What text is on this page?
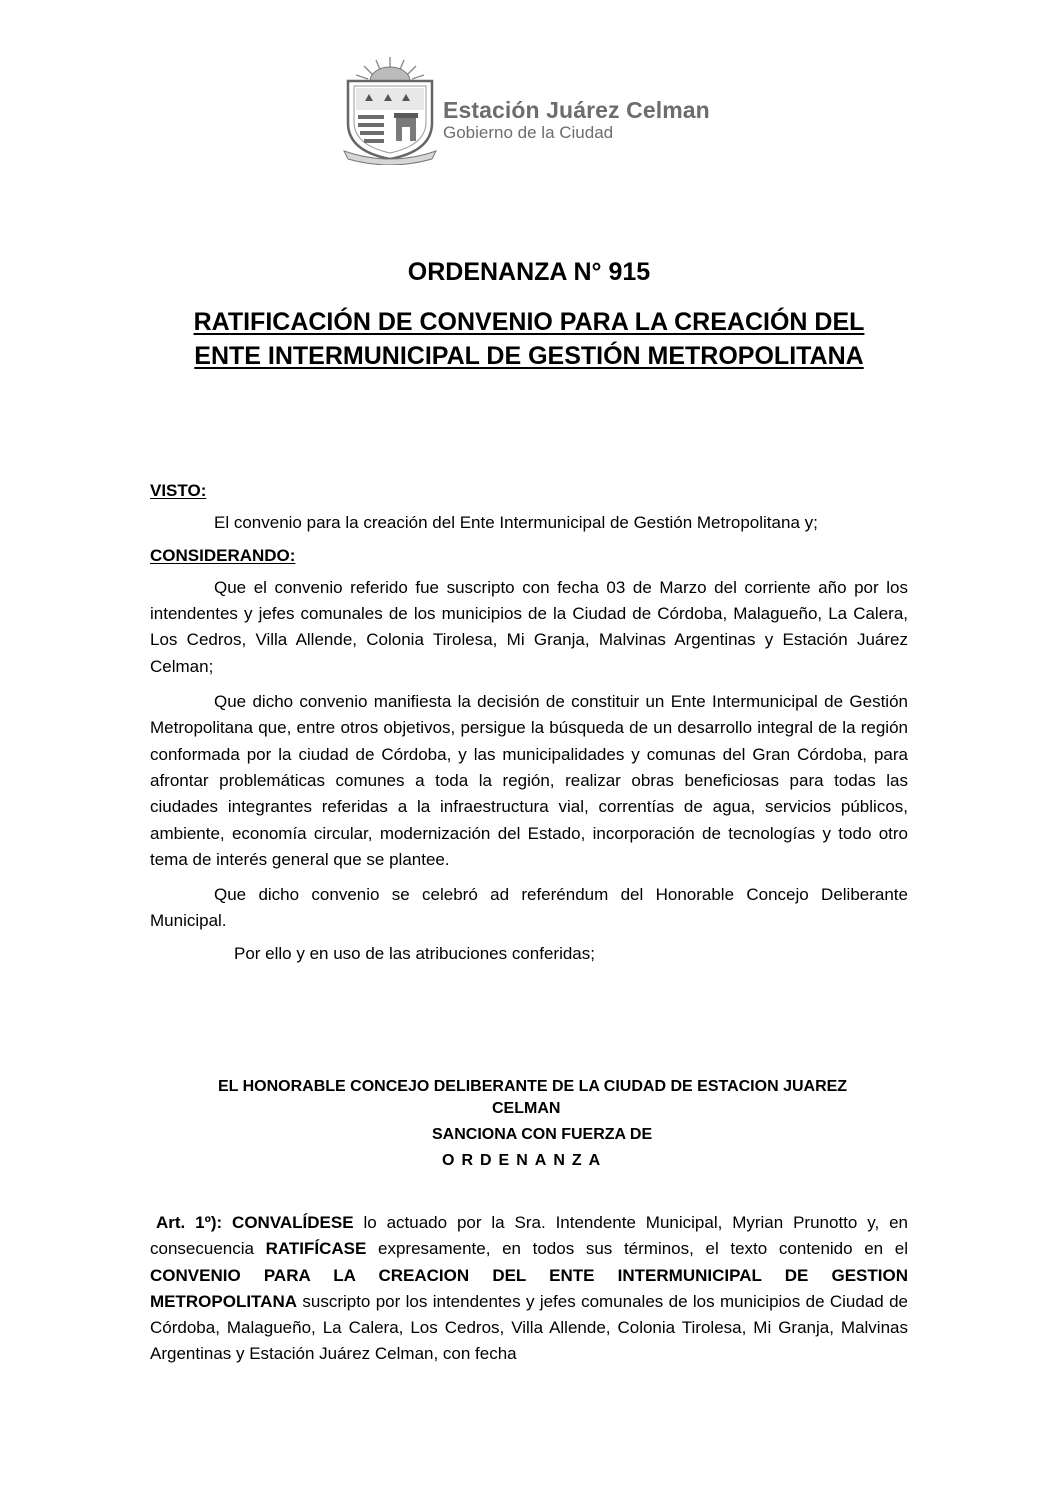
Estación Juárez Celman
Gobierno de la Ciudad
ORDENANZA N° 915
RATIFICACIÓN DE CONVENIO PARA LA CREACIÓN DEL
ENTE INTERMUNICIPAL DE GESTIÓN METROPOLITANA

VISTO:

El convenio para la creación del Ente Intermunicipal de Gestión Metropolitana y;

CONSIDERANDO:

Que el convenio referido fue suscripto con fecha 03 de Marzo del corriente año por los intendentes y jefes comunales de los municipios de la Ciudad de Córdoba, Malagueño, La Calera, Los Cedros, Villa Allende, Colonia Tirolesa, Mi Granja, Malvinas Argentinas y Estación Juárez Celman;

Que dicho convenio manifiesta la decisión de constituir un Ente Intermunicipal de Gestión Metropolitana que, entre otros objetivos, persigue la búsqueda de un desarrollo integral de la región conformada por la ciudad de Córdoba, y las municipalidades y comunas del Gran Córdoba, para afrontar problemáticas comunes a toda la región, realizar obras beneficiosas para todas las ciudades integrantes referidas a la infraestructura vial, correntías de agua, servicios públicos, ambiente, economía circular, modernización del Estado, incorporación de tecnologías y todo otro tema de interés general que se plantee.

Que dicho convenio se celebró ad referéndum del Honorable Concejo Deliberante Municipal.

Por ello y en uso de las atribuciones conferidas;

EL HONORABLE CONCEJO DELIBERANTE DE LA CIUDAD DE ESTACION JUAREZ
CELMAN
SANCIONA CON FUERZA DE
ORDENANZA
Art. 1º): CONVALÍDESE lo actuado por la Sra. Intendente Municipal, Myrian Prunotto y, en consecuencia RATIFÍCASE expresamente, en todos sus términos, el texto contenido en el CONVENIO PARA LA CREACION DEL ENTE INTERMUNICIPAL DE GESTION METROPOLITANA suscripto por los intendentes y jefes comunales de los municipios de Ciudad de Córdoba, Malagueño, La Calera, Los Cedros, Villa Allende, Colonia Tirolesa, Mi Granja, Malvinas Argentinas y Estación Juárez Celman, con fecha
